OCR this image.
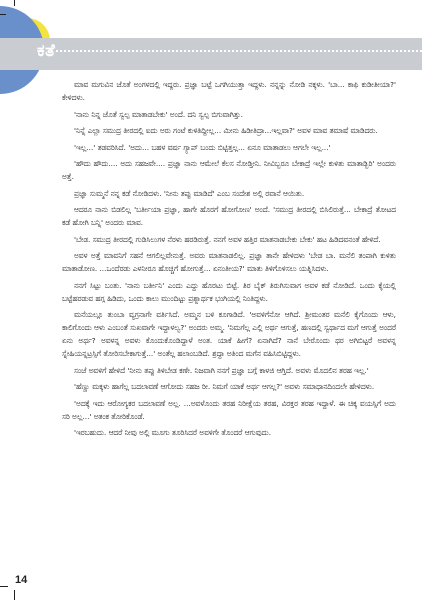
ಕತೆ

ಮಾವ ಮಗುವಿನ ಜೊತೆ ಅಂಗಳದಲ್ಲಿ ಇದ್ದರು. ಪ್ರಜ್ಞಾ ಬಟ್ಟೆ ಒಗಗಿಯುತ್ತಾ ಇದ್ದಳು. ನನ್ನನ್ನು ನೋಡಿ ನಕ್ಕಳು. 'ಬಾ... ಕಾಫಿ ಕುಡೀತೀಯಾ?' ಕೇಳಿದಳು.

'ನಾನು ನಿನ್ನ ಜೊತೆ ಸ್ವಲ್ಪ ಮಾತಾಡಬೇಕು' ಅಂದೆ. ದನಿ ಸ್ವಲ್ಪ ಬಿಗುವಾಗಿತ್ತು.

'ನಿನ್ನೆ ಎಲ್ಲಾ ಸಮುದ್ರ ತೀರದಲ್ಲಿ ಐದು ಅರು ಗಂಟೆ ಕುಳಿತಿದ್ದೀಲ್ಲ... ಮೀನು ಹಿಡೀತಿದ್ರಾ...ಇಲ್ಲವಾ?' ಅವಳ ಮಾವ ತಮಾಷೆ ಮಾಡಿದರು.

'ಇಲ್ಲ...' ತಡವರಿಸಿದೆ. 'ಅದು... ಬಹಳ ವರ್ಷ ಗ್ಯಾಪ್ ಬಂದು ಬಿಟ್ಟಿತ್ತಲ್ಲ... ಏನೂ ಮಾತಾಡಲು ಆಗಲೇ ಇಲ್ಲ...'

'ಹೌದು ಹೌದು.... ಅದು ಸಹಜವೇ.... ಪ್ರಜ್ಞಾ ನಾನು ಆಮೇಲೆ ಕೆಲಸ ನೋಡ್ತೀನಿ. ನೀವಿಬ್ಬರೂ ಬೇಕಾದ್ರೆ ಇಲ್ಲೇ ಕುಳಿತು ಮಾತಾಡ್ಬಿರಿ' ಅಂದರು ಅತ್ತೆ.

ಪ್ರಜ್ಞಾ ಸುಮ್ಮನೆ ನನ್ನ ಕಡೆ ನೋಡಿದಳು. 'ನೀನು ತಪ್ಪು ಮಾಡಿದೆ' ಎಂಬ ಸಂದೇಶ ಅಲ್ಲಿ ರವಾನೆ ಆಯಿತು.

ಆದರೂ ನಾನು ಬಿಡಲಿಲ್ಲ 'ಬರ್ತೀಯಾ ಪ್ರಜ್ಞಾ, ಹಾಗೇ ಹೊರಗೆ ಹೋಗೋಣ' ಅಂದೆ. 'ಸಮುದ್ರ ತೀರದಲ್ಲಿ ಬಿಸಿಲಿರುತ್ತೆ... ಬೇಕಾದ್ರೆ ತೋಟದ ಕಡೆ ಹೋಗಿ ಬನ್ನಿ' ಅಂದರು ಮಾವ.

'ಬೇಡ. ಸಮುದ್ರ ತೀರದಲ್ಲಿ ಗುಡಿಸಿಲುಗಳ ನೆರಳು ಹರಡಿರುತ್ತೆ. ನನಗೆ ಅವಳ ಹತ್ತಿರ ಮಾತನಾಡಬೇಕು ಬೇಕು' ಹಟ ಹಿಡಿದವನಂತೆ ಹೇಳಿದೆ.

ಅವಳ ಅತ್ತೆ ಮಾವನಿಗೆ ಸಹನೆ ಆಗಲಿಲ್ಲವೇನುತ್ತೆ. ಅವರು ಮಾತನಾಡಲಿಲ್ಲ. ಪ್ರಜ್ಞಾ ತಾನೇ ಹೇಳಿದಳು 'ಬೇಡ ಬಾ. ಮನೆಲಿ ತಂಪಾಗಿ ಕುಳಿತು ಮಾತಾಡೋಣ. ...ಒಂದೆರಡು ಎಳನೀರೂ ಹೊಚ್ಚಿಗೆ ಹೋಗುತ್ತೆ... ಏನಂತೀಯ?' ಮಾತು ತಿಳಿಗೊಳಿಸಲು ಯತ್ನಿಸಿದಳು.

ನನಗೆ ಸಿಟ್ಟು ಬಂತು. 'ನಾನು ಬರ್ತೀನಿ' ಎಂದು ಎದ್ದು ಹೊರಟು ಬಿಟ್ಟೆ. ತಿರ ಬೈಕ್ ತಿರುಗಿಸುವಾಗ ಅವಳ ಕಡೆ ನೋಡಿದೆ. ಒಂದು ಕೈಯಲ್ಲಿ ಬಟ್ಟೆಹರಡುವ ಹಗ್ಗ ಹಿಡಿದು, ಒಂದು ಕಾಲು ಮುಂದಿಟ್ಟು ಪ್ರಶ್ನಾರ್ಥಕ ಭಂಗಿಯಲ್ಲಿ ನಿಂತಿದ್ದಳು.

ಮನೆಯಲ್ಲೂ ತುಂಬಾ ವ್ಯಗ್ರನಾಗೇ ವರ್ತಿಸಿದೆ. ಅಮ್ಮನ ಬಳಿ ಕೂಗಾಡಿದೆ. 'ಅವಳಿಗೆನೋ ಆಗಿದೆ. ಶ್ರೀಮಂತರ ಮನೆಲಿ ಕೈಗೊಂದು ಆಳು, ಕಾಲಿಗೊಂದು ಆಳು ಎಂಬಂತೆ ಸುಖವಾಗೇ ಇದ್ದಾಳಲ್ವ?' ಅಂದರು ಅಮ್ಮ. 'ನಿಮಗೆಲ್ಲ ಎಲ್ಲಿ ಅರ್ಥ ಆಗುತ್ತೆ, ಹಣದಲ್ಲಿ ಸ್ವರ್ಥಾದ ಮಗೆ ಆಗುತ್ತೆ ಅಂದರೆ ಏನು ಅರ್ಥ? ಅವಳನ್ನ ಅವಳು ಕೊಂದುಕೊಂಡಿದ್ದಾಳೆ ಅಂತ. ಯಾಕೆ ಹೀಗೆ? ಏನಾಗಿದೆ? ನಾನೆ ಬೇರೊಂದು ಥರ ಅಗಿಬಿಟ್ಟರೆ ಅವಳನ್ನ ಸ್ನೇಹಿಯನ್ನಟ್ರಸ್ಸಿಗೆ ತೋರಿಸಬೇಕಾಗುತ್ತೆ...' ಅಂತೆಲ್ಲ ಹಲಾಂಬಡಿದೆ. ಶ್ರದ್ಧಾ ಅತಿಂದ ಮಗೆನ ವಹಿಸಿಬಿಟ್ಟಿದ್ದಳು.

ಸಂಜೆ ಅವಳಿಗೆ ಹೇಳಿದೆ 'ನೀನು ತಪ್ಪು ತಿಳಿಬೇಡ ಕಣೇ. ನಿಜವಾಗಿ ನನಗೆ ಪ್ರಜ್ಞಾ ಬಗ್ಗೆ ಕಾಳಜಿ ಆಗ್ತಿದೆ. ಅವಳು ಮೊದಲಿನ ತರಹ ಇಲ್ಲ.'

'ಹೆಣ್ಣು ಮಕ್ಕಳು ಹಾಗೆಲ್ಲ ಬದಲಾವಣೆ ಆಗೋದು ಸಹಜ ರೀ. ನಿಮಗೆ ಯಾಕೆ ಅರ್ಥ ಆಗಲ್ಲ?' ಅವಳು ಸಮಾಧಾನದಿಂದಲೇ ಹೇಳಿದಳು.

'ಅದಕ್ಕೆ ಇದು ಆರೋಗ್ಯಕರ ಬದಲಾವಣೆ ಅಲ್ಲ. ...ಅವಳೊಂದು ತರಹ ನಿರೀಕ್ಷೆಯ ತರಹ, ವಿರಕ್ತರ ತರಹ ಇದ್ದಾಳೆ. ಈ ಚಿಕ್ಕ ವಯಸ್ಸಿಗೆ ಅದು ಸರಿ ಅಲ್ಲ...' ಅತಂಕ ತೋರಿಕೊಂಡೆ.

'ಇರಬಹುದು. ಆದರೆ ನೀವು ಅಲ್ಲಿ ಮೂಗು ತೂರಿಸಿದರೆ ಅವಳಿಗೇ ತೊಂದರೆ ಆಗುವುದು.

14
